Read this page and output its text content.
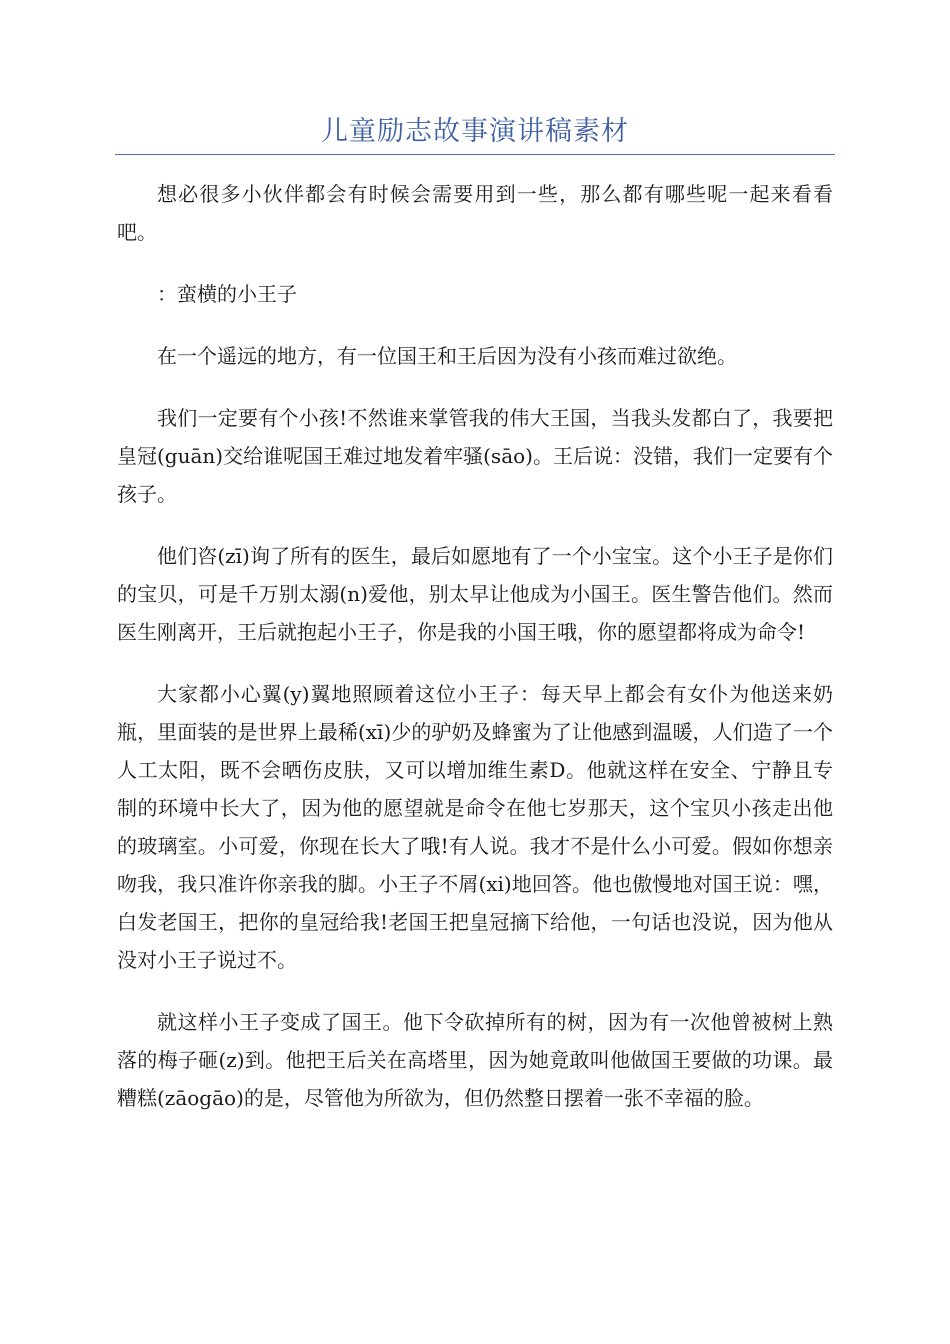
儿童励志故事演讲稿素材

想必很多小伙伴都会有时候会需要用到一些，那么都有哪些呢一起来看看吧。

：蛮横的小王子

在一个遥远的地方，有一位国王和王后因为没有小孩而难过欲绝。

我们一定要有个小孩!不然谁来掌管我的伟大王国，当我头发都白了，我要把皇冠(guān)交给谁呢国王难过地发着牢骚(sāo)。王后说：没错，我们一定要有个孩子。

他们咨(zī)询了所有的医生，最后如愿地有了一个小宝宝。这个小王子是你们的宝贝，可是千万别太溺(n)爱他，别太早让他成为小国王。医生警告他们。然而医生刚离开，王后就抱起小王子，你是我的小国王哦，你的愿望都将成为命令!

大家都小心翼(y)翼地照顾着这位小王子：每天早上都会有女仆为他送来奶瓶，里面装的是世界上最稀(xī)少的驴奶及蜂蜜为了让他感到温暖，人们造了一个人工太阳，既不会晒伤皮肤，又可以增加维生素D。他就这样在安全、宁静且专制的环境中长大了，因为他的愿望就是命令在他七岁那天，这个宝贝小孩走出他的玻璃室。小可爱，你现在长大了哦!有人说。我才不是什么小可爱。假如你想亲吻我，我只准许你亲我的脚。小王子不屑(xi)地回答。他也傲慢地对国王说：嘿，白发老国王，把你的皇冠给我!老国王把皇冠摘下给他，一句话也没说，因为他从没对小王子说过不。

就这样小王子变成了国王。他下令砍掉所有的树，因为有一次他曾被树上熟落的梅子砸(z)到。他把王后关在高塔里，因为她竟敢叫他做国王要做的功课。最糟糕(zāogāo)的是，尽管他为所欲为，但仍然整日摆着一张不幸福的脸。
